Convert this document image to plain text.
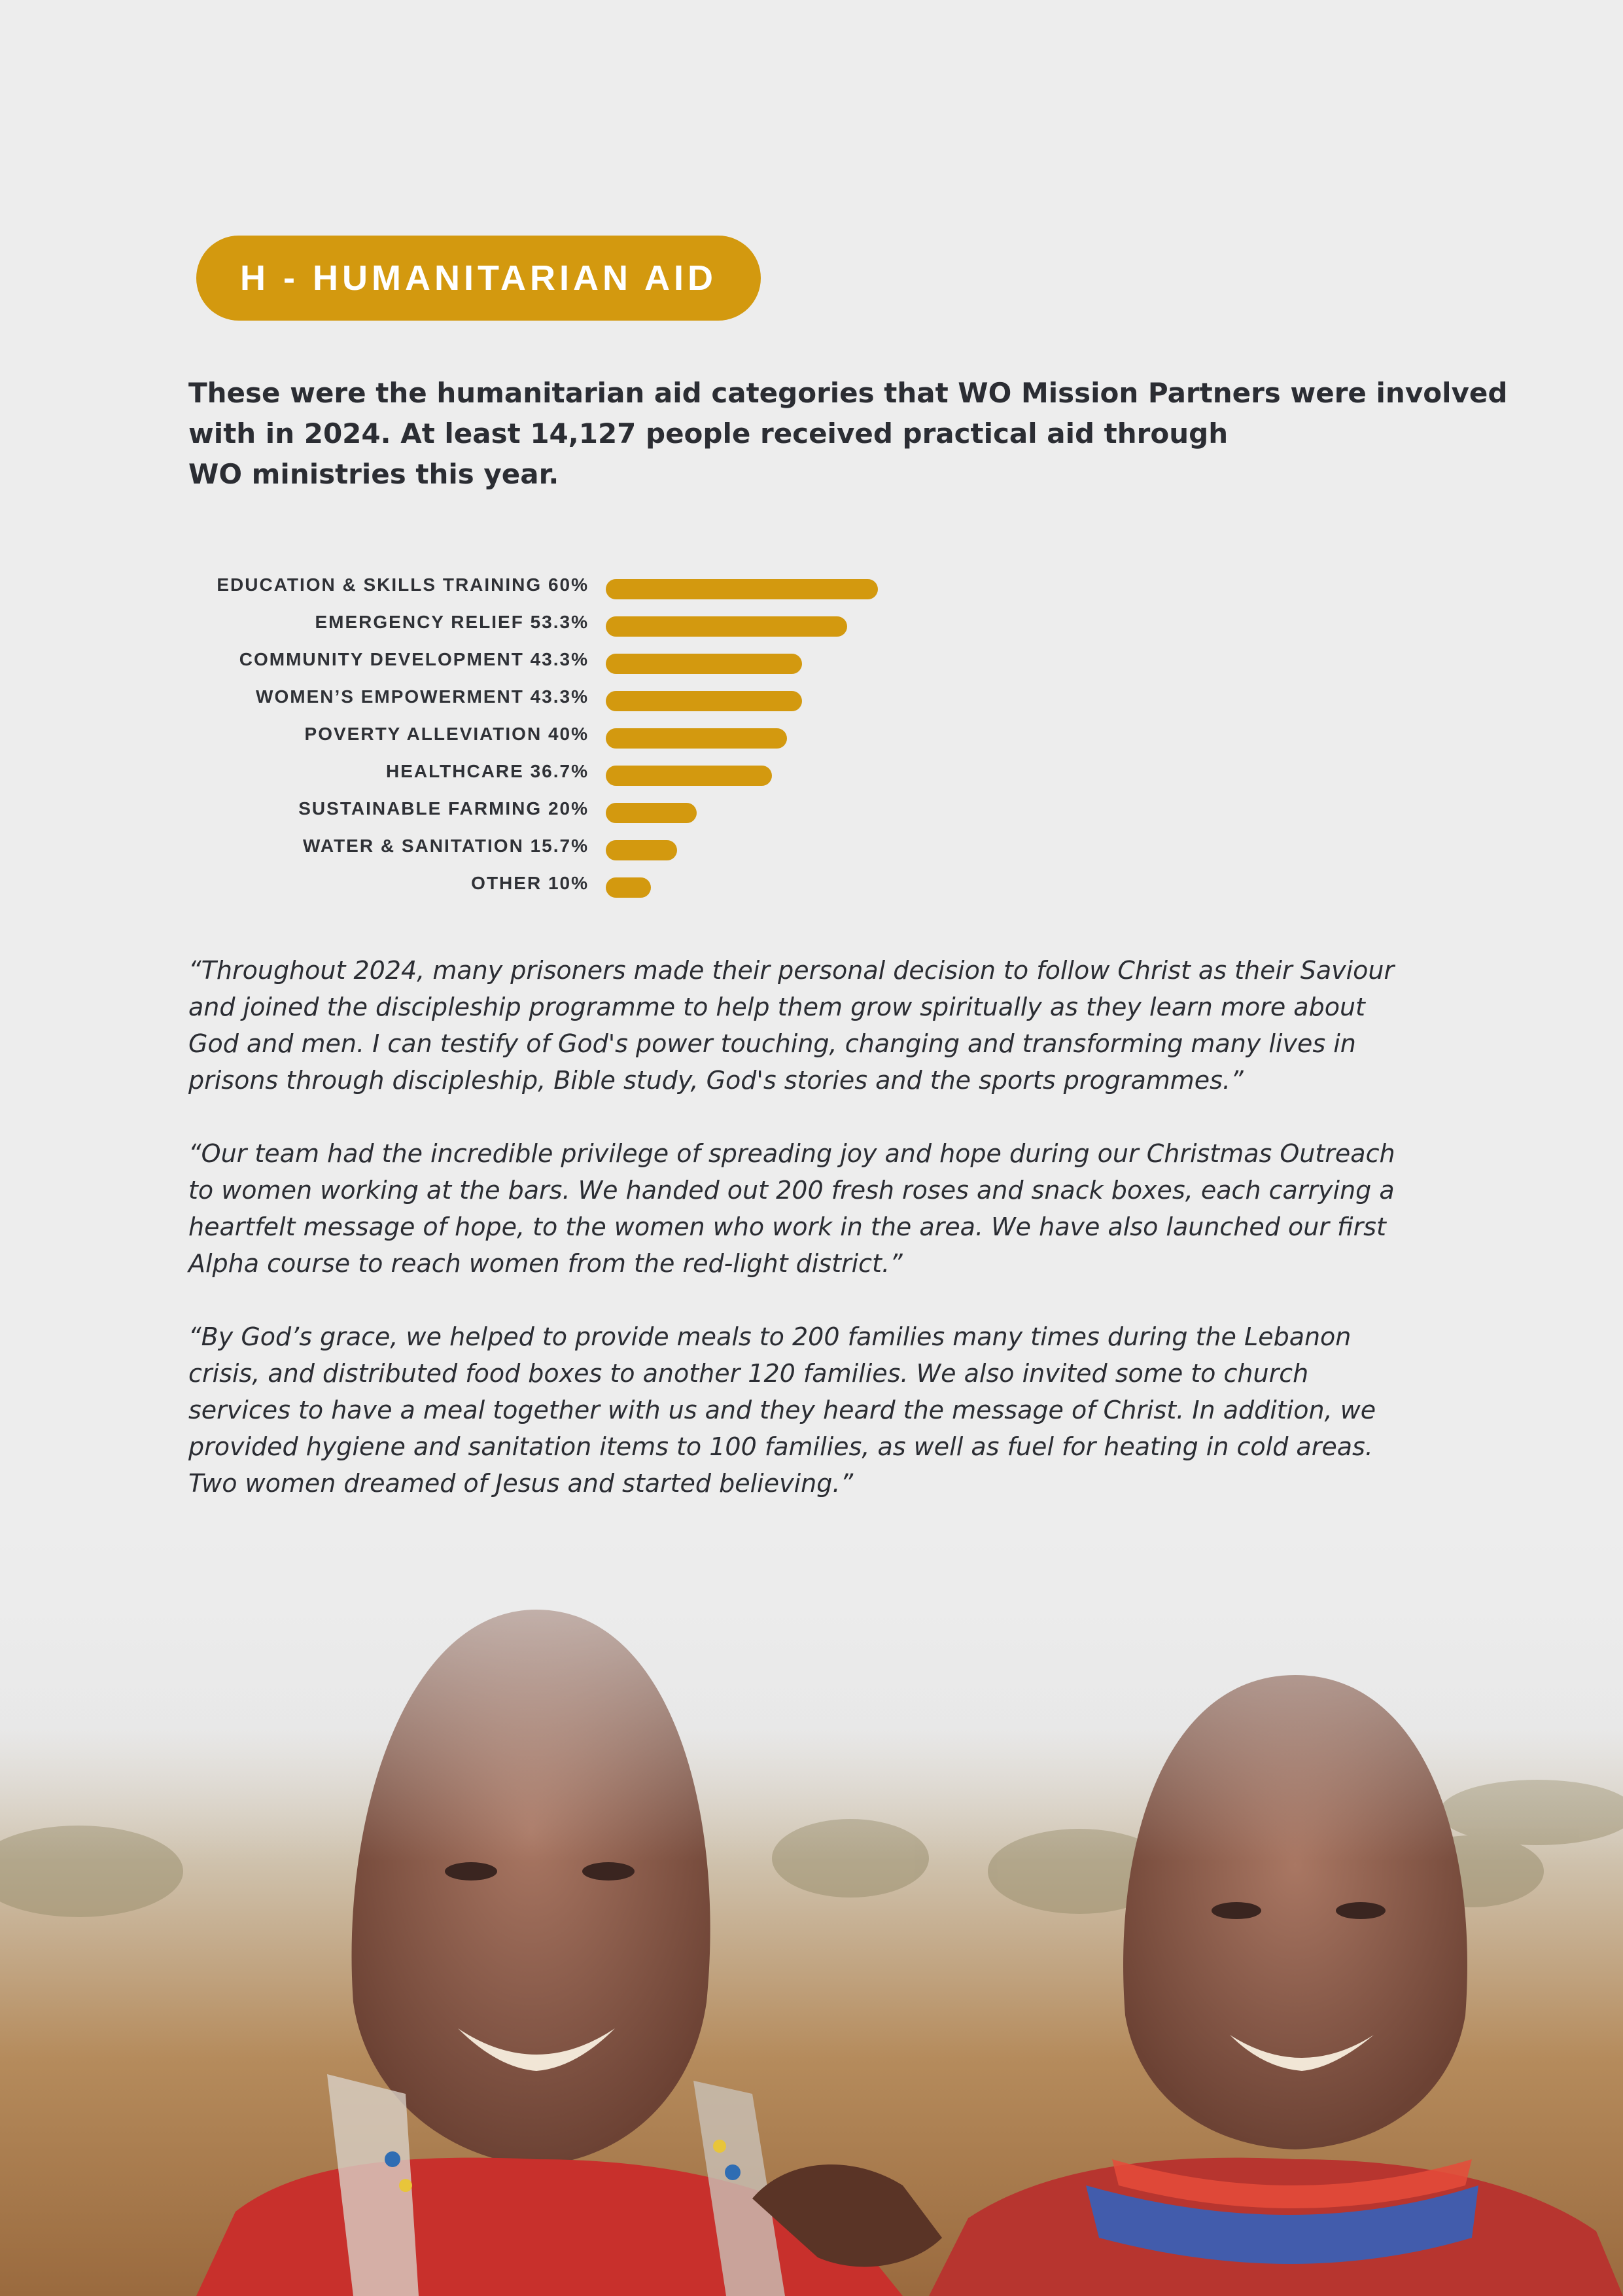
H - HUMANITARIAN AID

These were the humanitarian aid categories that WO Mission Partners were involved
with in 2024. At least 14,127 people received practical aid through
WO ministries this year.

EDUCATION & SKILLS TRAINING 60%
EMERGENCY RELIEF 53.3%
COMMUNITY DEVELOPMENT 43.3%
WOMEN’S EMPOWERMENT 43.3%
POVERTY ALLEVIATION 40%
HEALTHCARE 36.7%
SUSTAINABLE FARMING 20%
WATER & SANITATION 15.7%
OTHER 10%
“Throughout 2024, many prisoners made their personal decision to follow Christ as their Saviour
and joined the discipleship programme to help them grow spiritually as they learn more about
God and men. I can testify of God's power touching, changing and transforming many lives in
prisons through discipleship, Bible study, God's stories and the sports programmes.”
“Our team had the incredible privilege of spreading joy and hope during our Christmas Outreach
to women working at the bars. We handed out 200 fresh roses and snack boxes, each carrying a
heartfelt message of hope, to the women who work in the area. We have also launched our first
Alpha course to reach women from the red-light district.”
“By God’s grace, we helped to provide meals to 200 families many times during the Lebanon
crisis, and distributed food boxes to another 120 families. We also invited some to church
services to have a meal together with us and they heard the message of Christ. In addition, we
provided hygiene and sanitation items to 100 families, as well as fuel for heating in cold areas.
Two women dreamed of Jesus and started believing.”
